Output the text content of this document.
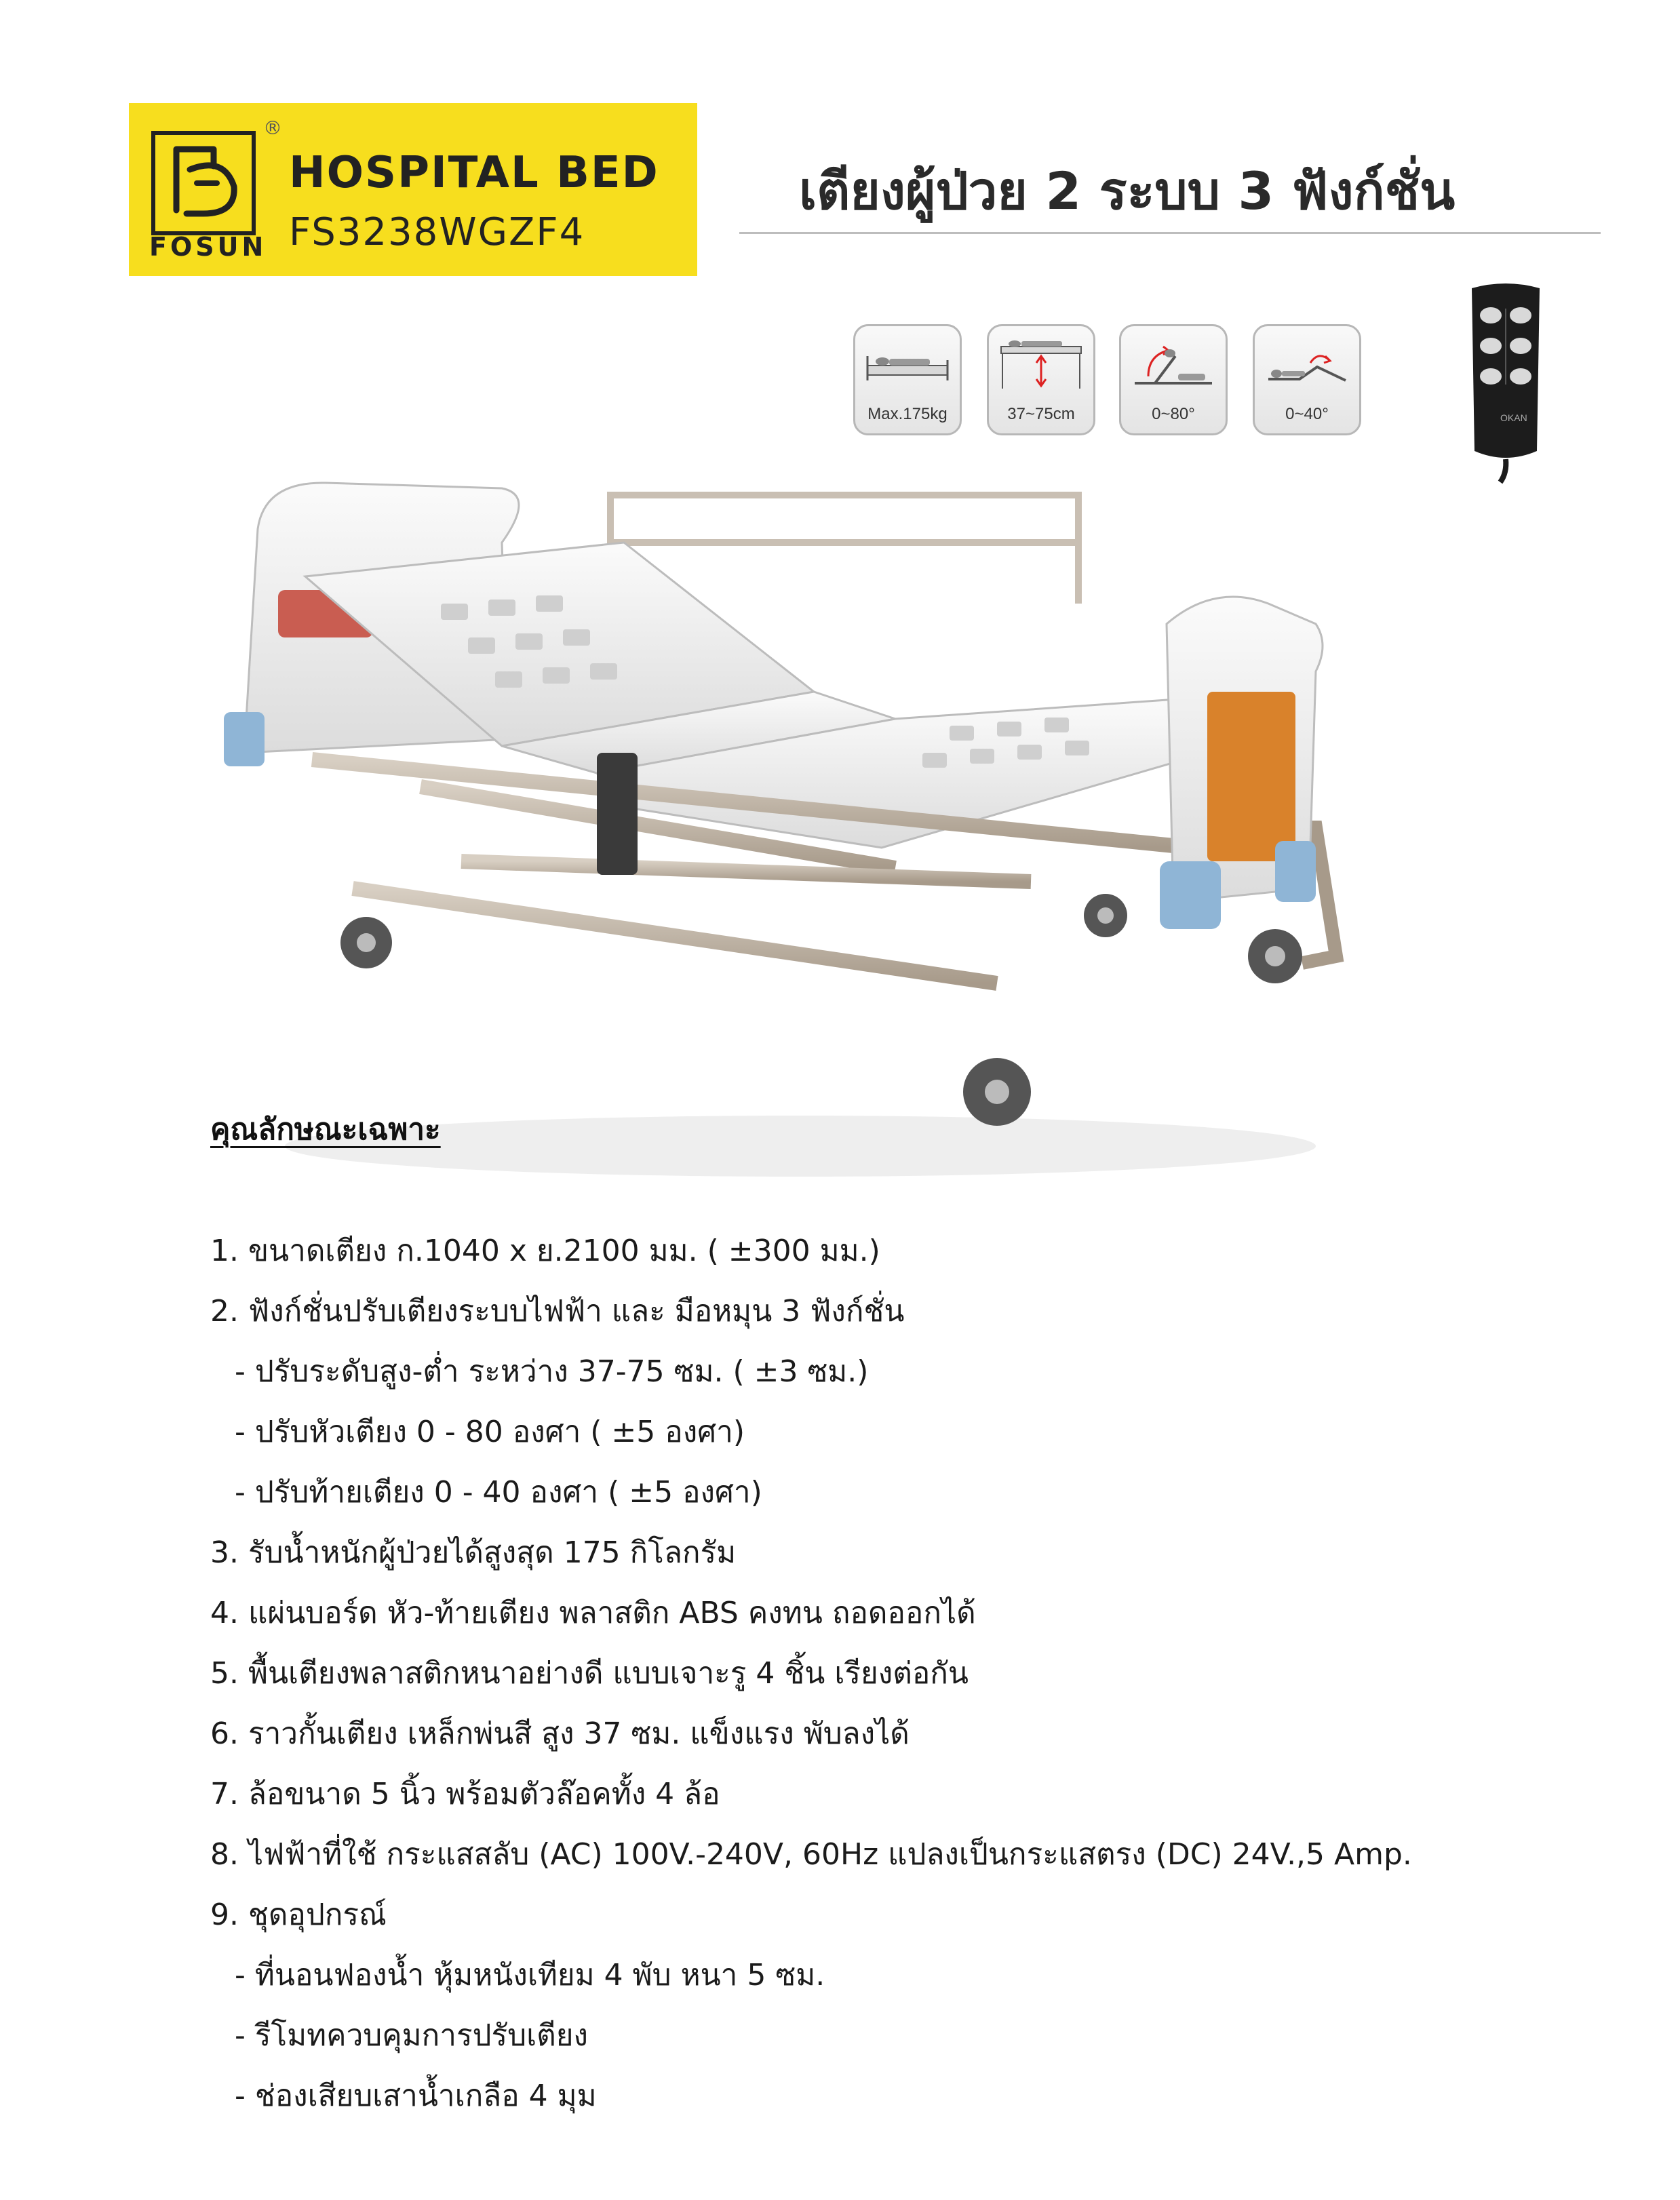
®
FOSUN
HOSPITAL BED
FS3238WGZF4
เตียงผู้ป่วย 2 ระบบ 3 ฟังก์ชั่น
Max.175kg	37~75cm	0~80°	0~40°	OKAN
คุณลักษณะเฉพาะ
1. ขนาดเตียง ก.1040 x ย.2100 มม. ( ±300 มม.)
2. ฟังก์ชั่นปรับเตียงระบบไฟฟ้า และ มือหมุน 3 ฟังก์ชั่น
- ปรับระดับสูง-ต่ำ ระหว่าง 37-75 ซม. ( ±3 ซม.)
- ปรับหัวเตียง 0 - 80 องศา ( ±5 องศา)
- ปรับท้ายเตียง 0 - 40 องศา ( ±5 องศา)
3. รับน้ำหนักผู้ป่วยได้สูงสุด 175 กิโลกรัม
4. แผ่นบอร์ด หัว-ท้ายเตียง พลาสติก ABS คงทน ถอดออกได้
5. พื้นเตียงพลาสติกหนาอย่างดี แบบเจาะรู 4 ชิ้น เรียงต่อกัน
6. ราวกั้นเตียง เหล็กพ่นสี สูง 37 ซม. แข็งแรง พับลงได้
7. ล้อขนาด 5 นิ้ว พร้อมตัวล๊อคทั้ง 4 ล้อ
8. ไฟฟ้าที่ใช้ กระแสสลับ (AC) 100V.-240V, 60Hz แปลงเป็นกระแสตรง (DC) 24V.,5 Amp.
9. ชุดอุปกรณ์
- ที่นอนฟองน้ำ หุ้มหนังเทียม 4 พับ หนา 5 ซม.
- รีโมทควบคุมการปรับเตียง
- ช่องเสียบเสาน้ำเกลือ 4 มุม
